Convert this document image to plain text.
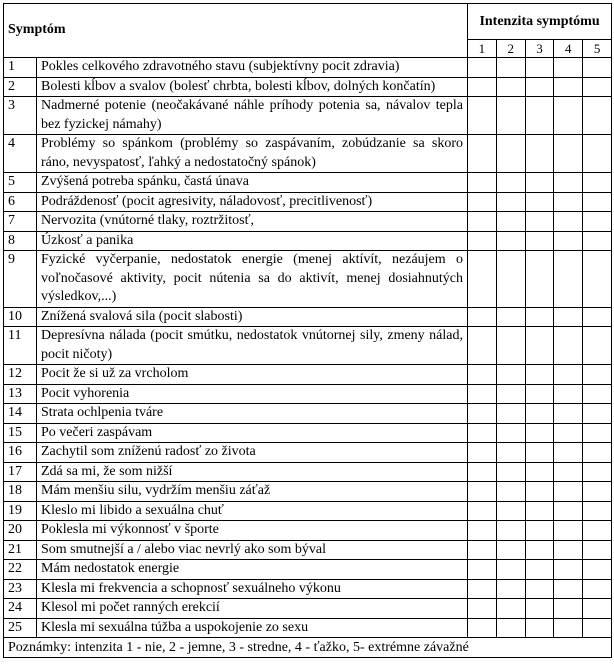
Symptóm		Intenzita symptómu				
		1	2	3	4	5
1	Pokles celkového zdravotného stavu (subjektívny pocit zdravia)					
2	Bolesti kĺbov a svalov (bolesť chrbta, bolesti kĺbov, dolných končatín)					
3	Nadmerné potenie (neočakávané náhle príhody potenia sa, návalov tepla bez fyzickej námahy)					
4	Problémy so spánkom (problémy so zaspávaním, zobúdzanie sa skoro ráno, nevyspatosť, ľahký a nedostatočný spánok)					
5	Zvýšená potreba spánku, častá únava					
6	Podráždenosť (pocit agresivity, náladovosť, precitlivenosť)					
7	Nervozita (vnútorné tlaky, roztržitosť,					
8	Úzkosť a panika					
9	Fyzické vyčerpanie, nedostatok energie (menej aktívít, nezáujem o voľnočasové aktivity, pocit nútenia sa do aktivít, menej dosiahnutých výsledkov,...)					
10	Znížená svalová sila (pocit slabosti)					
11	Depresívna nálada (pocit smútku, nedostatok vnútornej sily, zmeny nálad, pocit ničoty)					
12	Pocit že si už za vrcholom					
13	Pocit vyhorenia					
14	Strata ochlpenia tváre					
15	Po večeri zaspávam					
16	Zachytil som zníženú radosť zo života					
17	Zdá sa mi, že som nižší					
18	Mám menšiu silu, vydržím menšiu záťaž					
19	Kleslo mi libido a sexuálna chuť					
20	Poklesla mi výkonnosť v športe					
21	Som smutnejší a / alebo viac nevrlý ako som býval					
22	Mám nedostatok energie					
23	Klesla mi frekvencia a schopnosť sexuálneho výkonu					
24	Klesol mi počet ranných erekcií					
25	Klesla mi sexuálna túžba a uspokojenie zo sexu					
Poznámky: intenzita 1 - nie, 2 - jemne, 3 - stredne, 4 - ťažko, 5- extrémne závažné						
